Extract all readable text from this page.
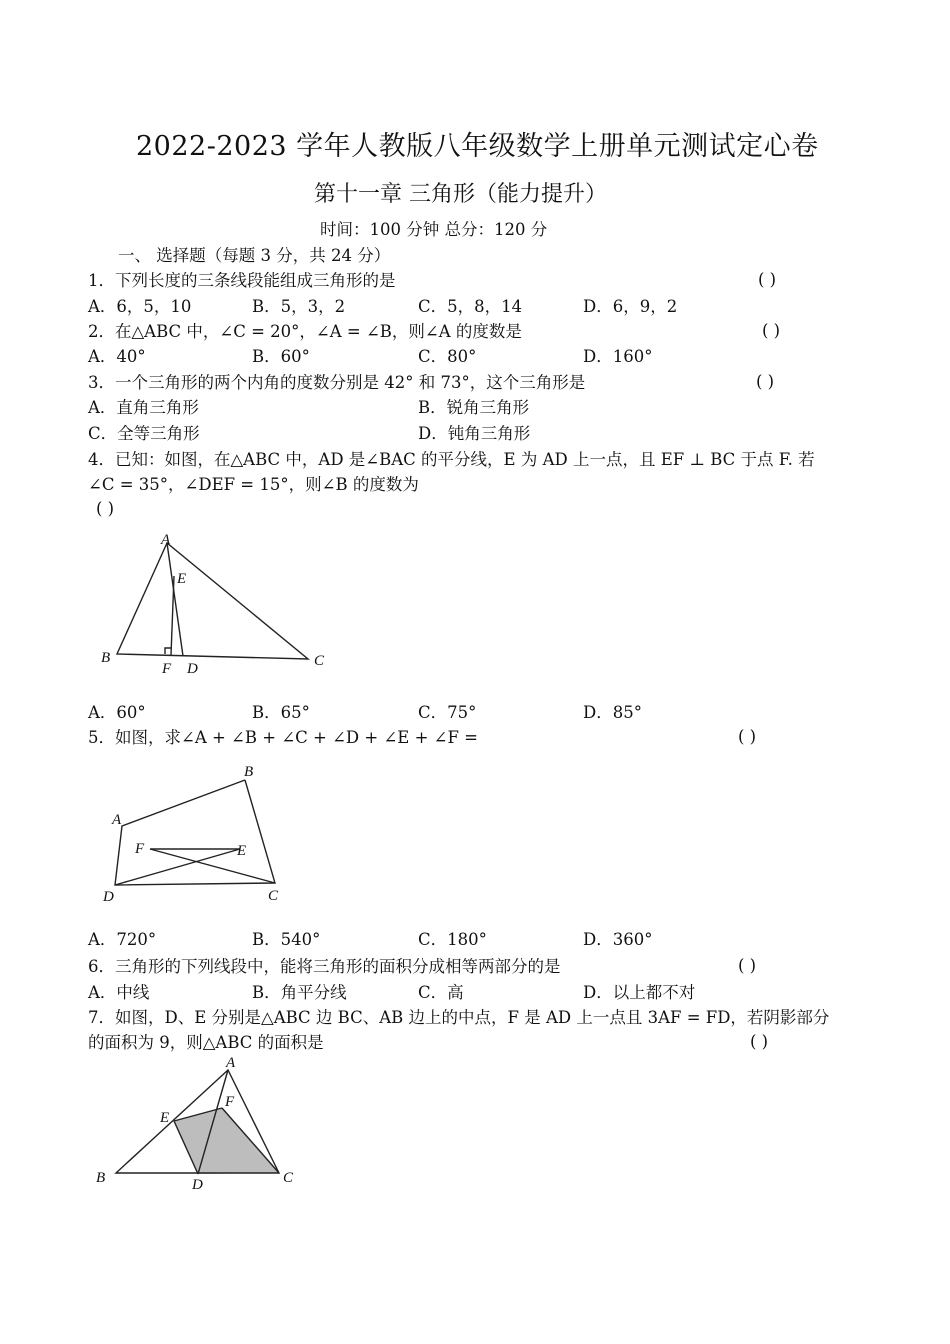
2022-2023 学年人教版八年级数学上册单元测试定心卷
第十一章 三角形（能力提升）
时间：100 分钟 总分：120 分
一、 选择题（每题 3 分，共 24 分）
1．下列长度的三条线段能组成三角形的是	( )
A．6，5，10	B．5，3，2	C．5，8，14	D．6，9，2
2．在△ABC 中，∠C = 20°，∠A = ∠B，则∠A 的度数是	( )
A．40°	B．60°	C．80°	D．160°
3．一个三角形的两个内角的度数分别是 42° 和 73°，这个三角形是	( )
A．直角三角形	B．锐角三角形
C．全等三角形	D．钝角三角形
4．已知：如图，在△ABC 中，AD 是∠BAC 的平分线，E 为 AD 上一点，且 EF ⊥ BC 于点 F. 若
∠C = 35°，∠DEF = 15°，则∠B 的度数为
( )
A
E
B
F D	C
A．60°	B．65°	C．75°	D．85°
5．如图，求∠A + ∠B + ∠C + ∠D + ∠E + ∠F =	( )
B
A
F	E
D	C
A．720°	B．540°	C．180°	D．360°
6．三角形的下列线段中，能将三角形的面积分成相等两部分的是	( )
A．中线	B．角平分线	C．高	D．以上都不对
7．如图，D、E 分别是△ABC 边 BC、AB 边上的中点，F 是 AD 上一点且 3AF = FD，若阴影部分
的面积为 9，则△ABC 的面积是	( )
A
F
E
B	D	C
